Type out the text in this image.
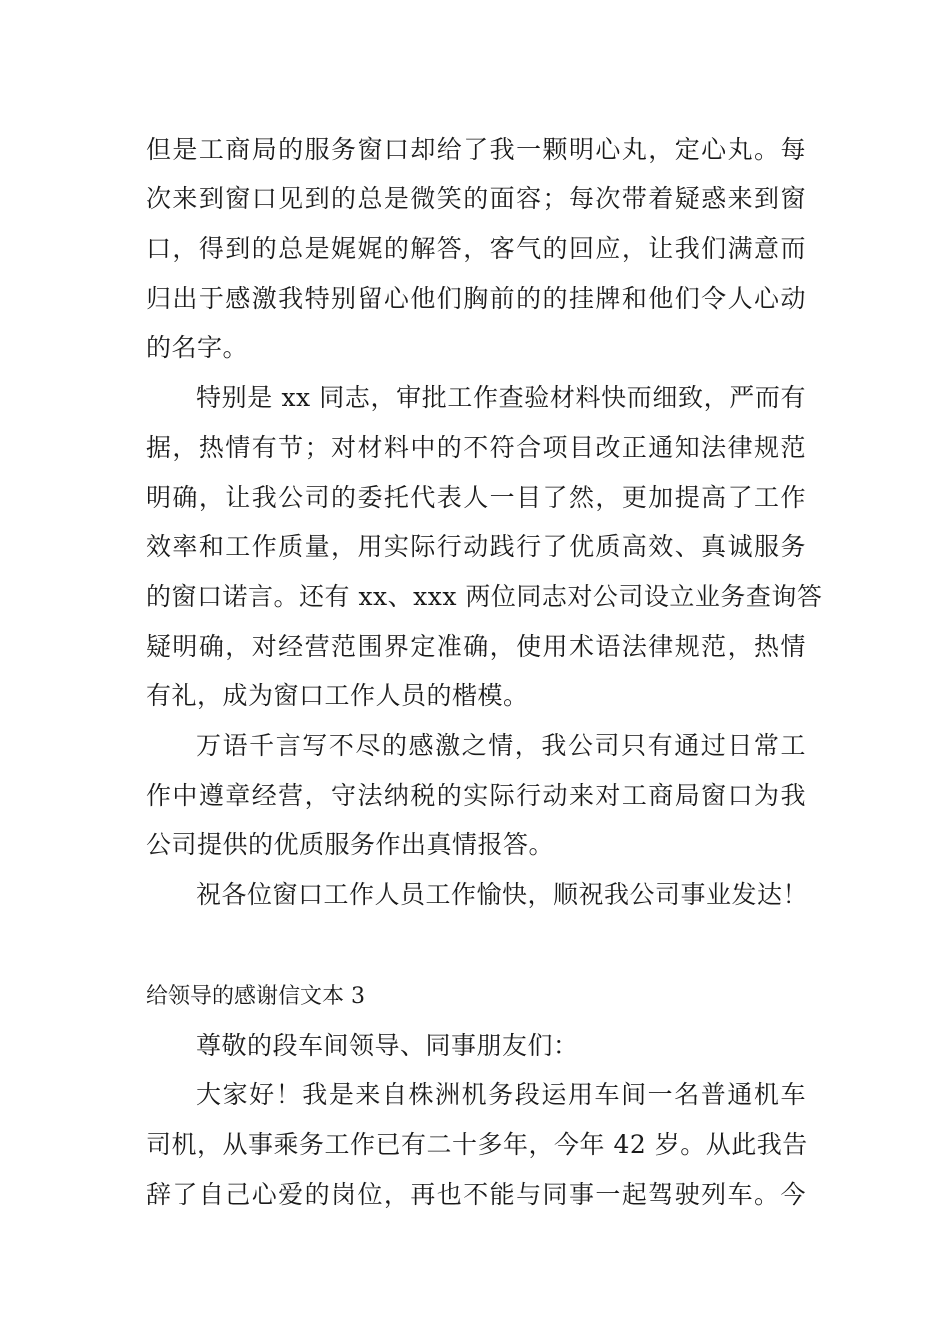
但是工商局的服务窗口却给了我一颗明心丸，定心丸。每
次来到窗口见到的总是微笑的面容；每次带着疑惑来到窗
口，得到的总是娓娓的解答，客气的回应，让我们满意而
归出于感激我特别留心他们胸前的的挂牌和他们令人心动
的名字。
特别是 xx 同志，审批工作查验材料快而细致，严而有
据，热情有节；对材料中的不符合项目改正通知法律规范
明确，让我公司的委托代表人一目了然，更加提高了工作
效率和工作质量，用实际行动践行了优质高效、真诚服务
的窗口诺言。还有 xx、xxx 两位同志对公司设立业务查询答
疑明确，对经营范围界定准确，使用术语法律规范，热情
有礼，成为窗口工作人员的楷模。
万语千言写不尽的感激之情，我公司只有通过日常工
作中遵章经营，守法纳税的实际行动来对工商局窗口为我
公司提供的优质服务作出真情报答。
祝各位窗口工作人员工作愉快，顺祝我公司事业发达！
给领导的感谢信文本 3
尊敬的段车间领导、同事朋友们：
大家好！我是来自株洲机务段运用车间一名普通机车
司机，从事乘务工作已有二十多年，今年 42 岁。从此我告
辞了自己心爱的岗位，再也不能与同事一起驾驶列车。今
